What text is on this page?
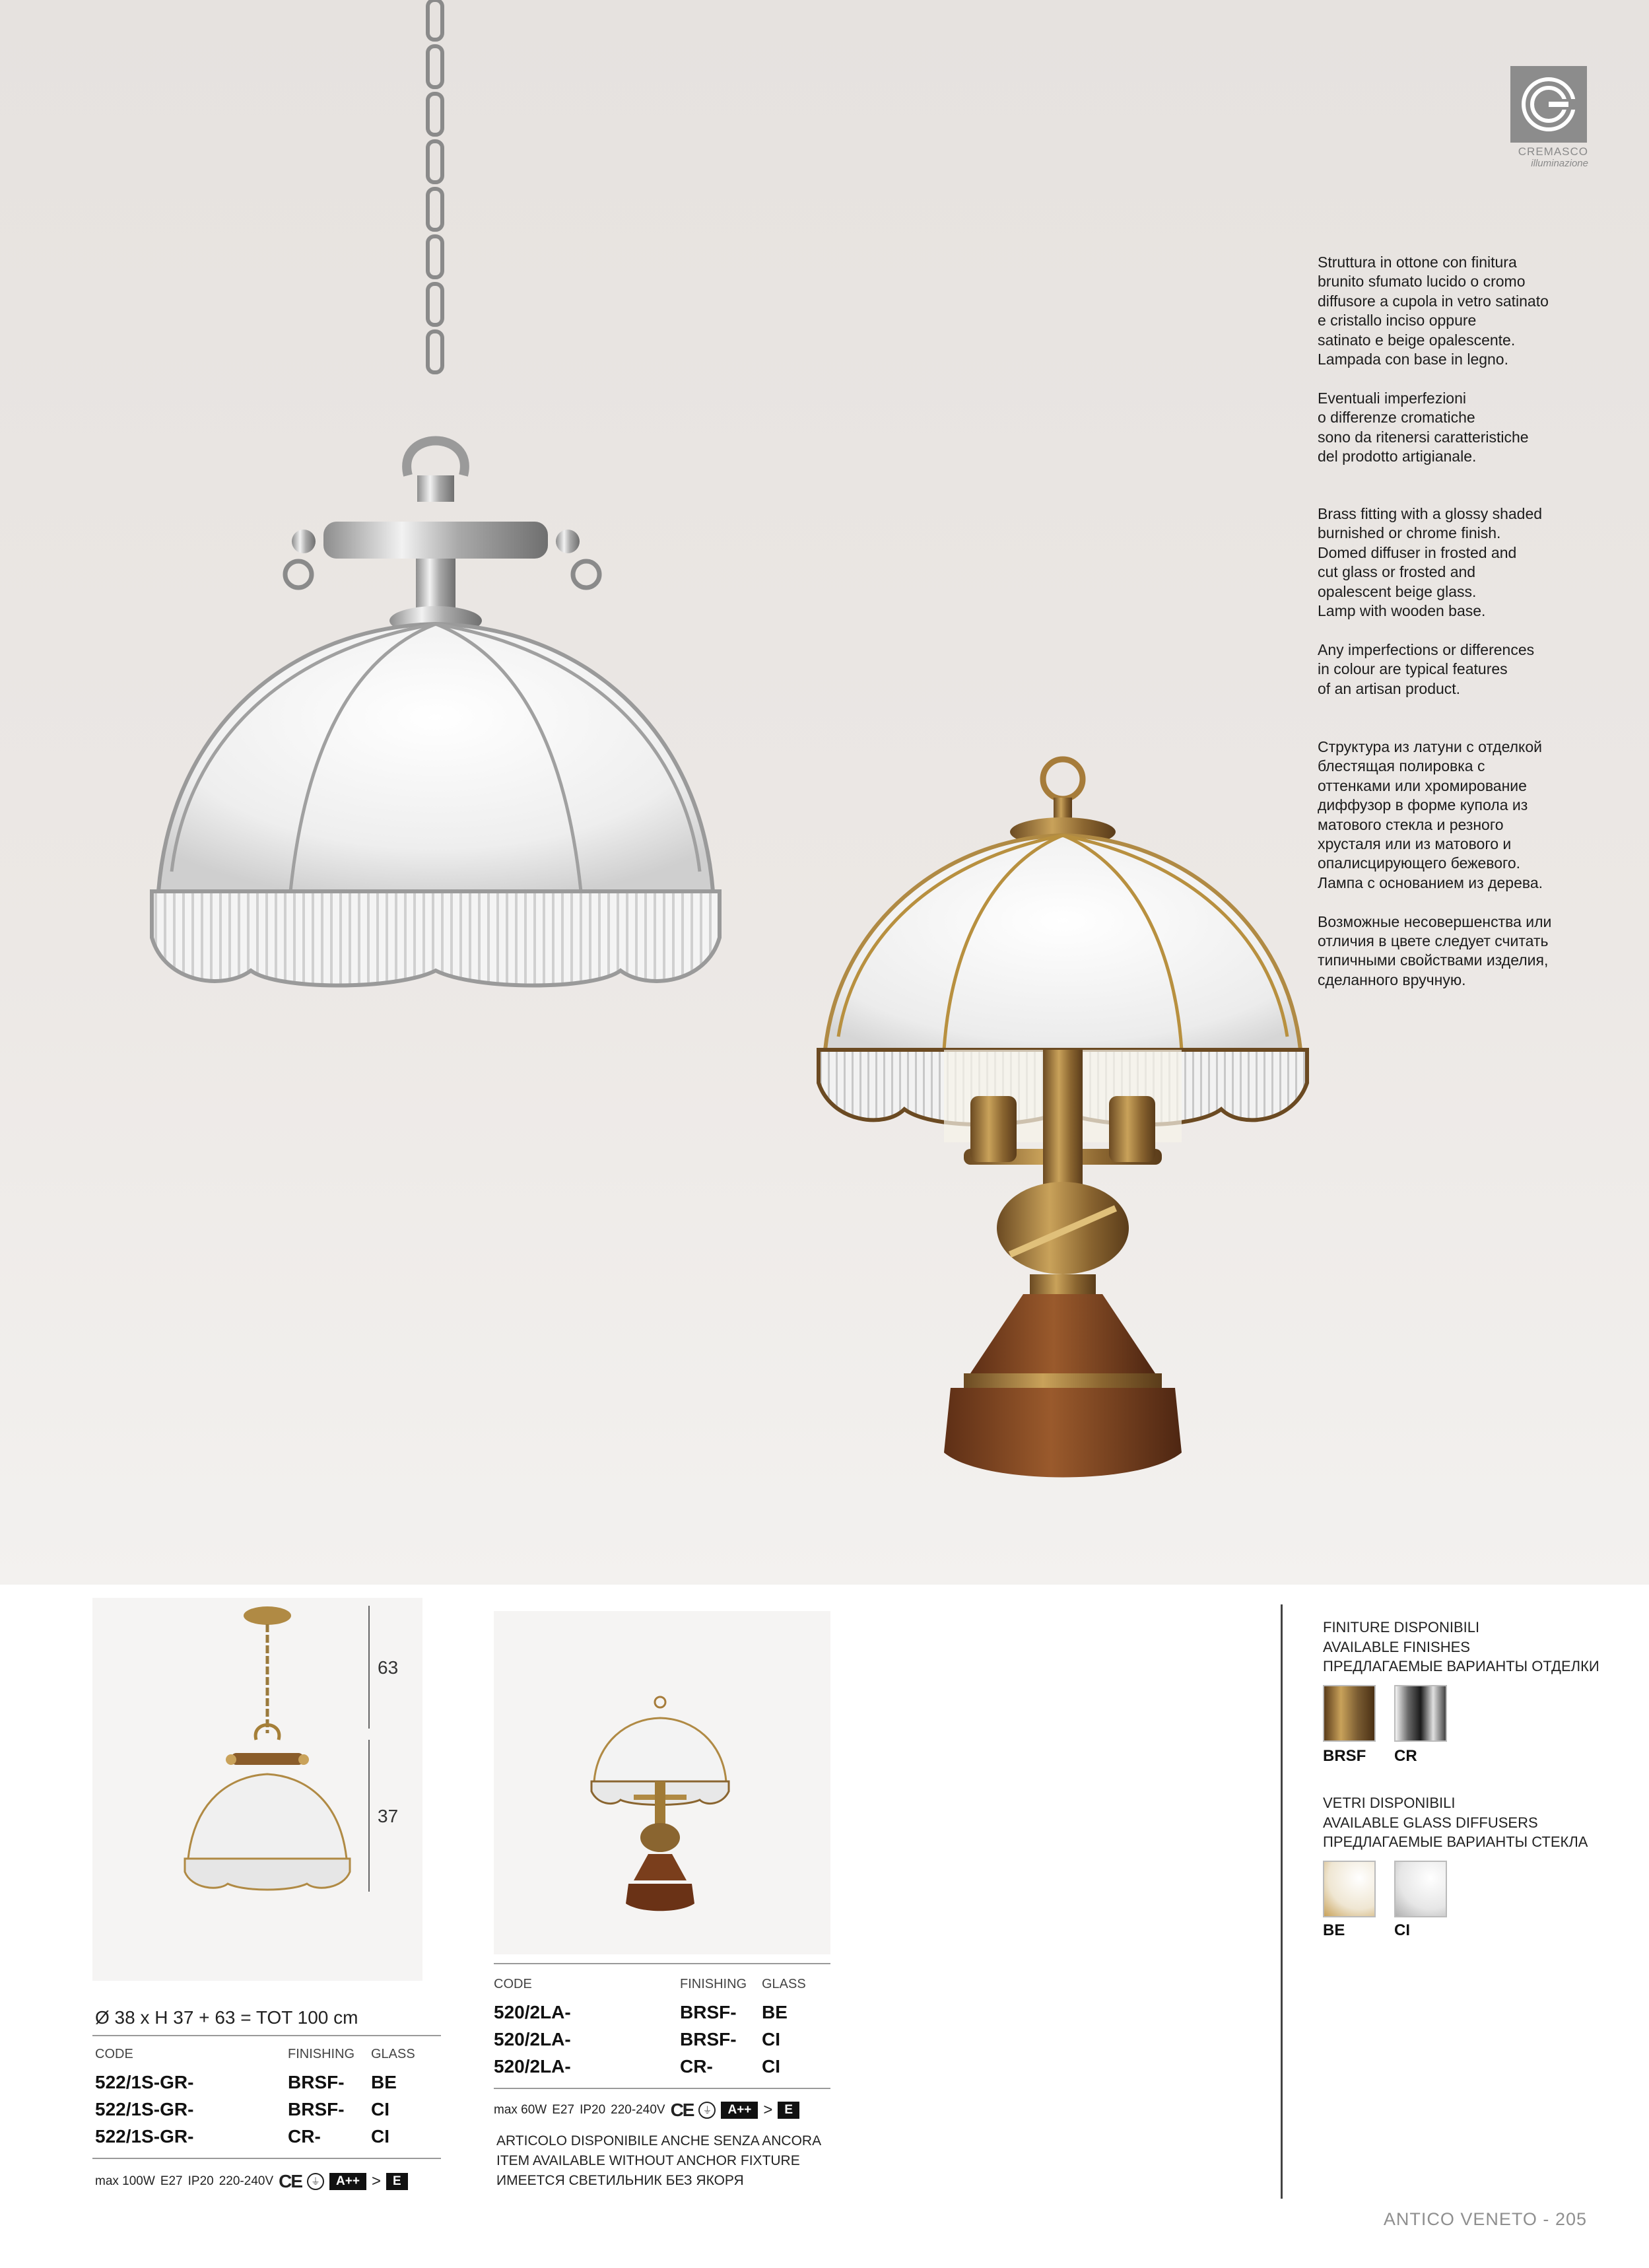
CREMASCO
illuminazione

Struttura in ottone con finitura
brunito sfumato lucido o cromo
diffusore a cupola in vetro satinato
e cristallo inciso oppure
satinato e beige opalescente.
Lampada con base in legno.

Eventuali imperfezioni
o differenze cromatiche
sono da ritenersi caratteristiche
del prodotto artigianale.

Brass fitting with a glossy shaded
burnished or chrome finish.
Domed diffuser in frosted and
cut glass or frosted and
opalescent beige glass.
Lamp with wooden base.

Any imperfections or differences
in colour are typical features
of an artisan product.

Структура из латуни с отделкой
блестящая полировка с
оттенками или хромирование
диффузор в форме купола из
матового стекла и резного
хрусталя или из матового и
опалисцирующего бежевого.
Лампа с основанием из дерева.

Возможные несовершенства или
отличия в цвете следует считать
типичными свойствами изделия,
сделанного вручную.

63
37
Ø 38 x H 37 + 63 = TOT 100 cm
CODE	FINISHING GLASS
522/1S-GR-	BRSF- BE
522/1S-GR-	BRSF- CI
522/1S-GR-	CR-	CI
max 100W E27 IP20 220-240V CE	⏚	A++ > E
CODE	FINISHING GLASS
520/2LA-	BRSF- BE
520/2LA-	BRSF- CI
520/2LA-	CR-	CI
max 60W E27 IP20 220-240V CE	⏚	A++ > E
ARTICOLO DISPONIBILE ANCHE SENZA ANCORA
ITEM AVAILABLE WITHOUT ANCHOR FIXTURE
ИМЕЕТСЯ СВЕТИЛЬНИК БЕЗ ЯКОРЯ
FINITURE DISPONIBILI
AVAILABLE FINISHES
ПРЕДЛАГАЕМЫЕ ВАРИАНТЫ ОТДЕЛКИ
BRSF CR
VETRI DISPONIBILI
AVAILABLE GLASS DIFFUSERS
ПРЕДЛАГАЕМЫЕ ВАРИАНТЫ СТЕКЛА
BE	CI
ANTICO VENETO - 205
